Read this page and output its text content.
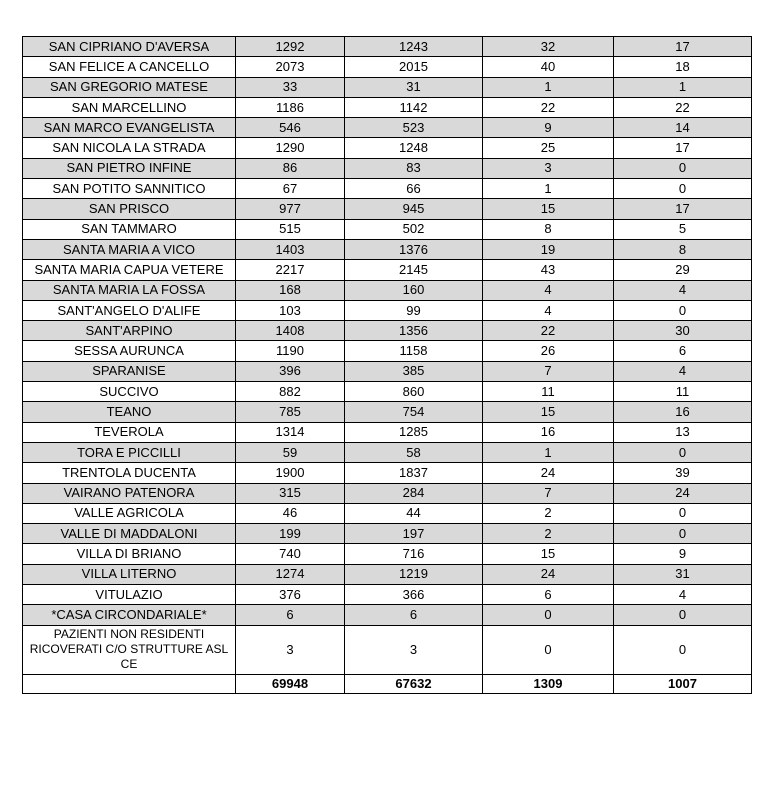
SAN CIPRIANO D'AVERSA	1292	1243	32	17
SAN FELICE A CANCELLO	2073	2015	40	18
SAN GREGORIO MATESE	33	31	1	1
SAN MARCELLINO	1186	1142	22	22
SAN MARCO EVANGELISTA	546	523	9	14
SAN NICOLA LA STRADA	1290	1248	25	17
SAN PIETRO INFINE	86	83	3	0
SAN POTITO SANNITICO	67	66	1	0
SAN PRISCO	977	945	15	17
SAN TAMMARO	515	502	8	5
SANTA MARIA A VICO	1403	1376	19	8
SANTA MARIA CAPUA VETERE	2217	2145	43	29
SANTA MARIA LA FOSSA	168	160	4	4
SANT'ANGELO D'ALIFE	103	99	4	0
SANT'ARPINO	1408	1356	22	30
SESSA AURUNCA	1190	1158	26	6
SPARANISE	396	385	7	4
SUCCIVO	882	860	11	11
TEANO	785	754	15	16
TEVEROLA	1314	1285	16	13
TORA E PICCILLI	59	58	1	0
TRENTOLA DUCENTA	1900	1837	24	39
VAIRANO PATENORA	315	284	7	24
VALLE AGRICOLA	46	44	2	0
VALLE DI MADDALONI	199	197	2	0
VILLA DI BRIANO	740	716	15	9
VILLA LITERNO	1274	1219	24	31
VITULAZIO	376	366	6	4
*CASA CIRCONDARIALE*	6	6	0	0
PAZIENTI NON RESIDENTI RICOVERATI C/O STRUTTURE ASL CE	3	3	0	0
	69948	67632	1309	1007
